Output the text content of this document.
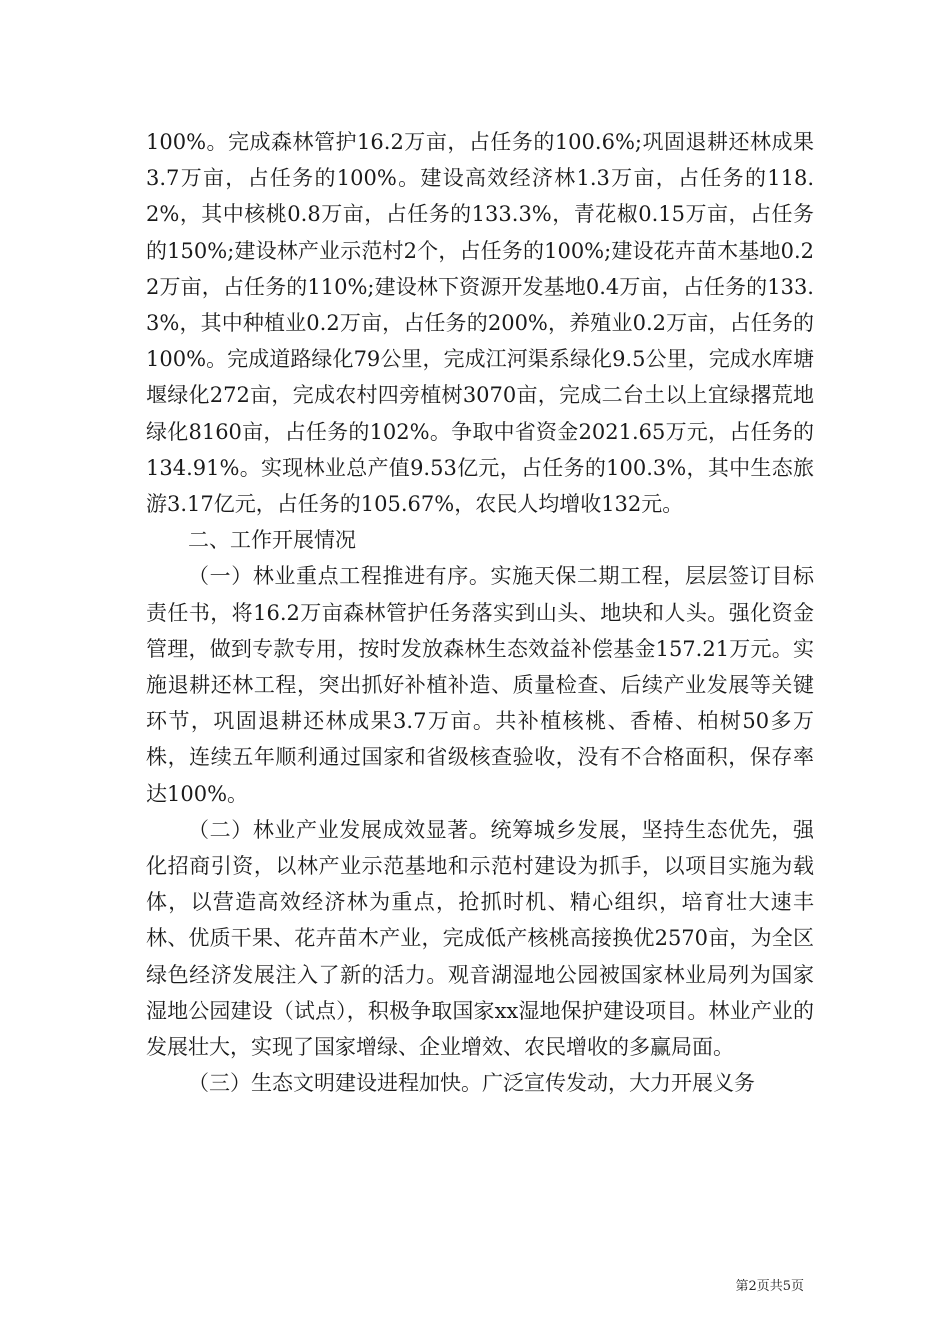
100%。完成森林管护16.2万亩，占任务的100.6%;巩固退耕还林成果3.7万亩，占任务的100%。建设高效经济林1.3万亩，占任务的118.2%，其中核桃0.8万亩，占任务的133.3%，青花椒0.15万亩，占任务的150%;建设林产业示范村2个，占任务的100%;建设花卉苗木基地0.22万亩，占任务的110%;建设林下资源开发基地0.4万亩，占任务的133.3%，其中种植业0.2万亩，占任务的200%，养殖业0.2万亩，占任务的100%。完成道路绿化79公里，完成江河渠系绿化9.5公里，完成水库塘堰绿化272亩，完成农村四旁植树3070亩，完成二台土以上宜绿撂荒地绿化8160亩，占任务的102%。争取中省资金2021.65万元，占任务的134.91%。实现林业总产值9.53亿元，占任务的100.3%，其中生态旅游3.17亿元，占任务的105.67%，农民人均增收132元。

二、工作开展情况

（一）林业重点工程推进有序。实施天保二期工程，层层签订目标责任书，将16.2万亩森林管护任务落实到山头、地块和人头。强化资金管理，做到专款专用，按时发放森林生态效益补偿基金157.21万元。实施退耕还林工程，突出抓好补植补造、质量检查、后续产业发展等关键环节，巩固退耕还林成果3.7万亩。共补植核桃、香椿、柏树50多万株，连续五年顺利通过国家和省级核查验收，没有不合格面积，保存率达100%。

（二）林业产业发展成效显著。统筹城乡发展，坚持生态优先，强化招商引资，以林产业示范基地和示范村建设为抓手，以项目实施为载体，以营造高效经济林为重点，抢抓时机、精心组织，培育壮大速丰林、优质干果、花卉苗木产业，完成低产核桃高接换优2570亩，为全区绿色经济发展注入了新的活力。观音湖湿地公园被国家林业局列为国家湿地公园建设（试点），积极争取国家xx湿地保护建设项目。林业产业的发展壮大，实现了国家增绿、企业增效、农民增收的多赢局面。

（三）生态文明建设进程加快。广泛宣传发动，大力开展义务

第2页共5页
